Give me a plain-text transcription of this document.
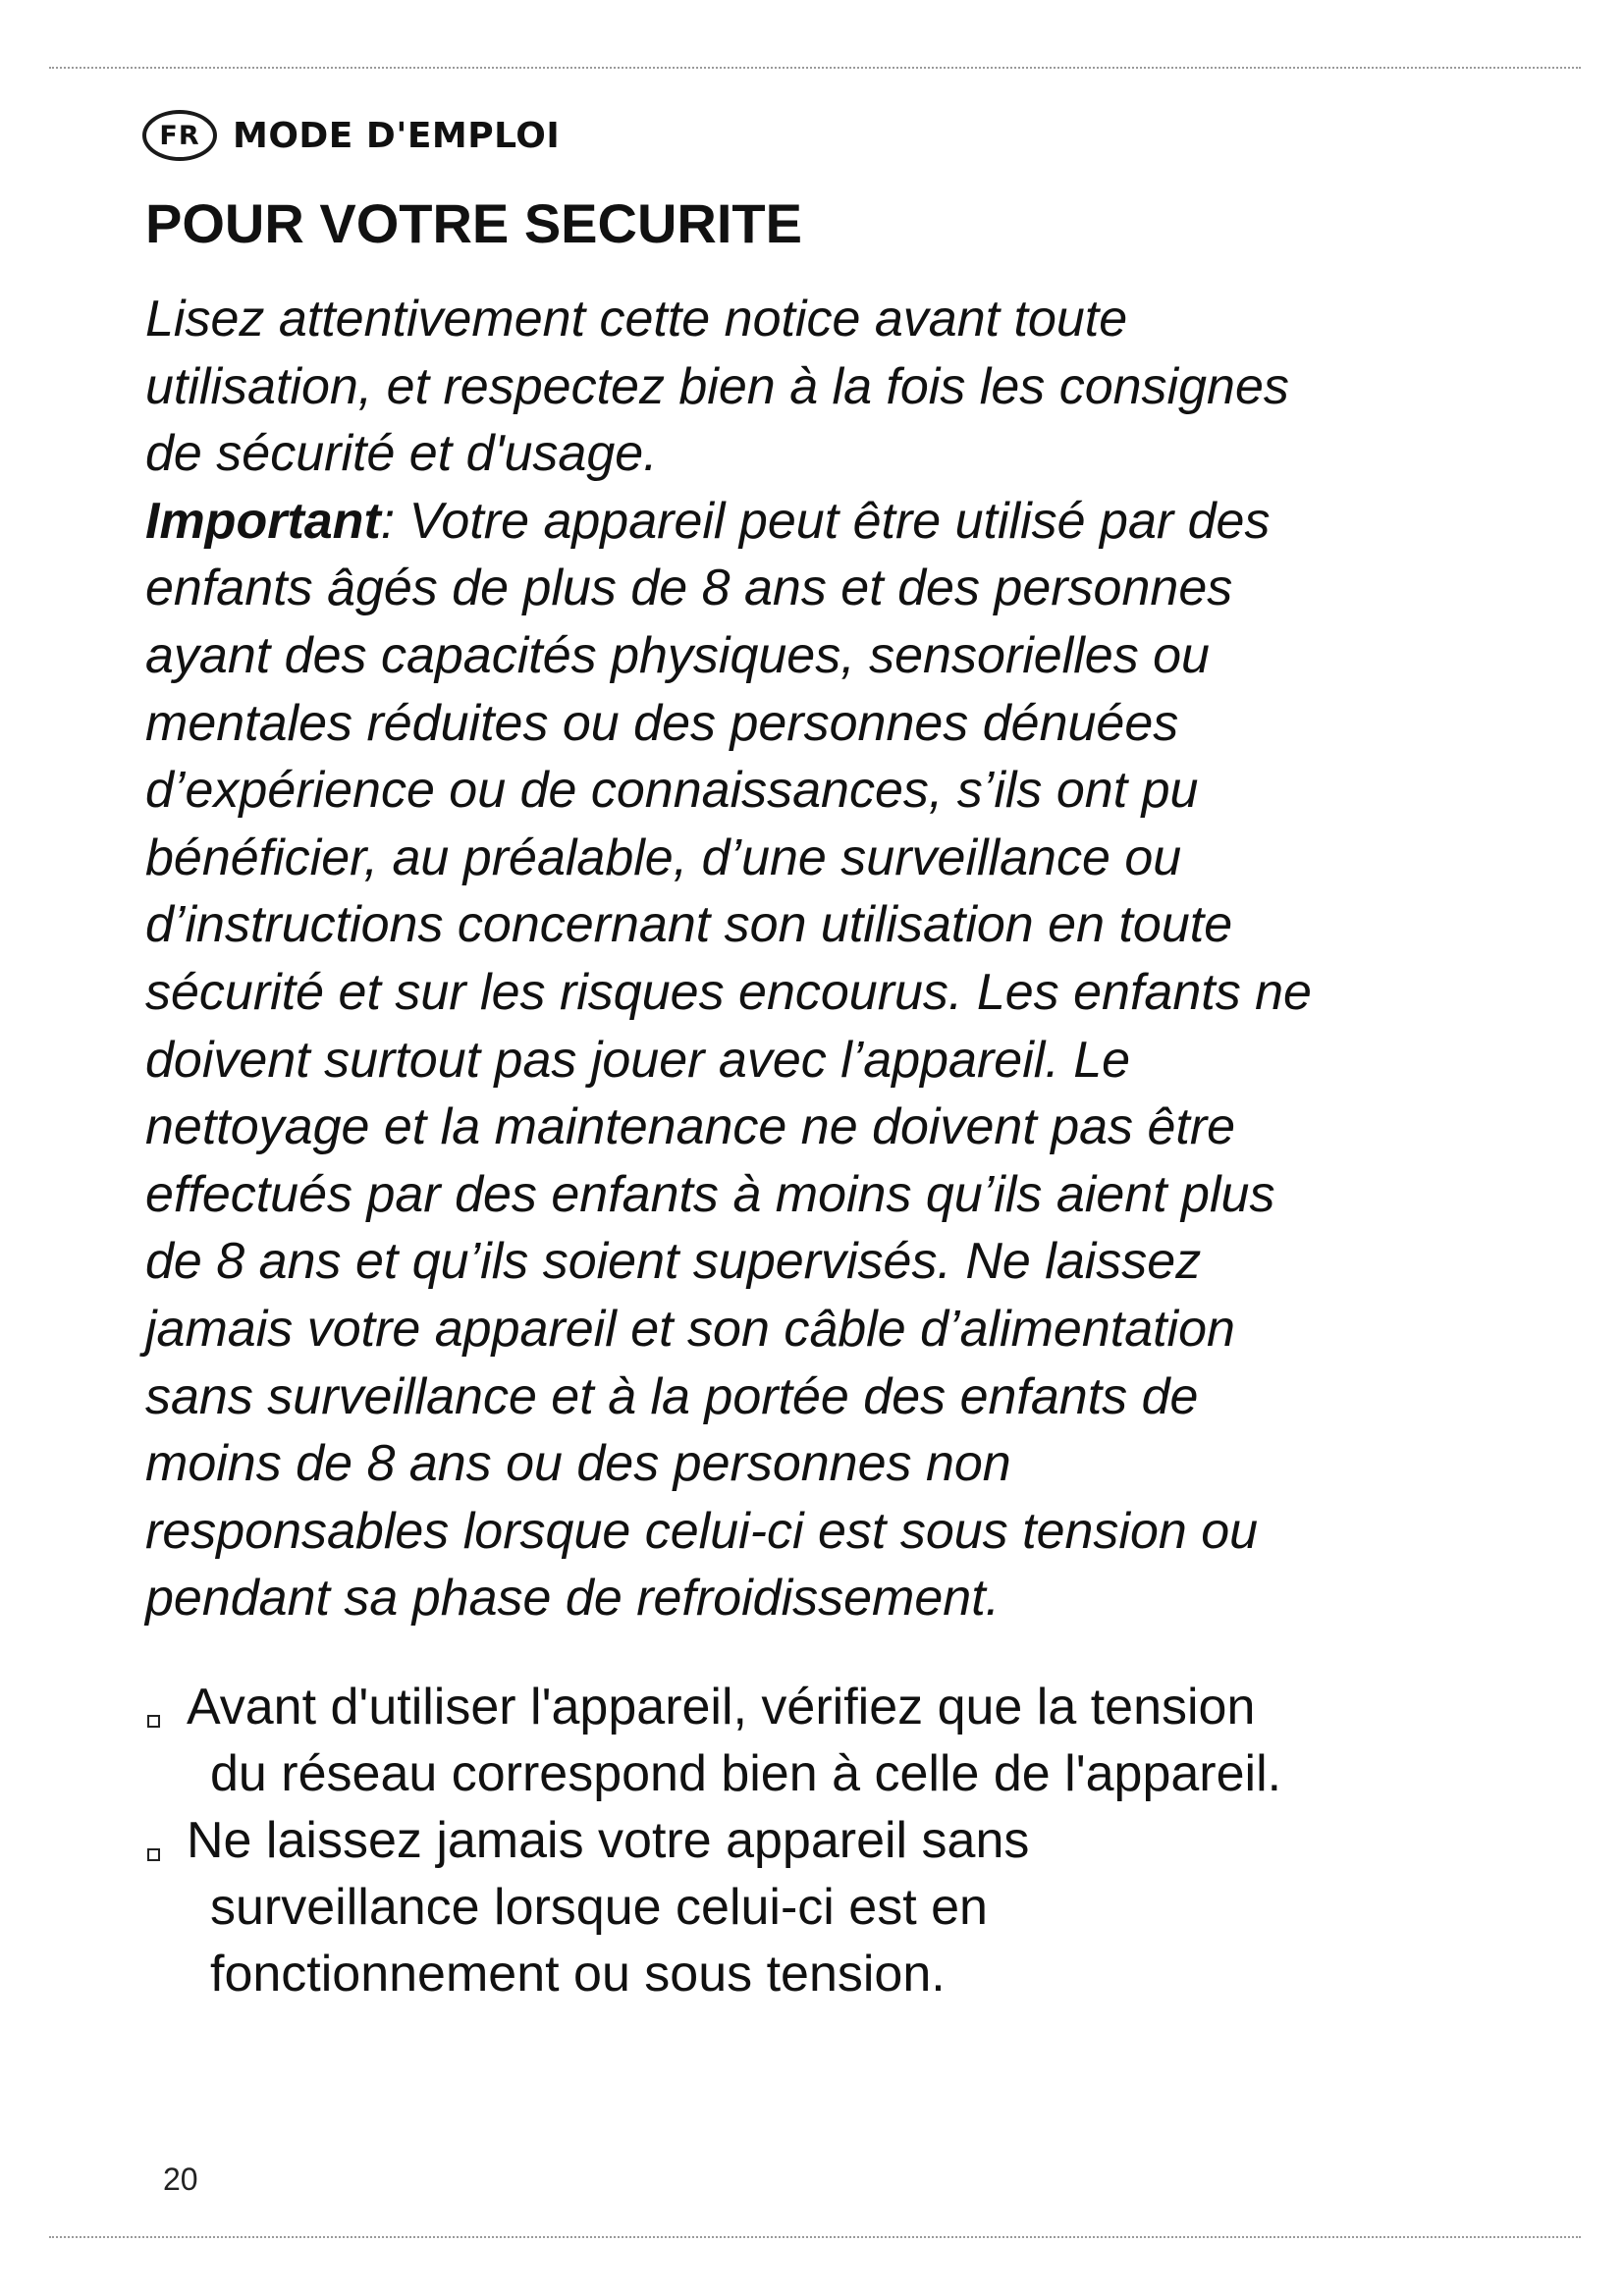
FR MODE D'EMPLOI
POUR VOTRE SECURITE

Lisez attentivement cette notice avant toute
utilisation, et respectez bien à la fois les consignes
de sécurité et d'usage.
Important: Votre appareil peut être utilisé par des
enfants âgés de plus de 8 ans et des personnes
ayant des capacités physiques, sensorielles ou
mentales réduites ou des personnes dénuées
d’expérience ou de connaissances, s’ils ont pu
bénéficier, au préalable, d’une surveillance ou
d’instructions concernant son utilisation en toute
sécurité et sur les risques encourus. Les enfants ne
doivent surtout pas jouer avec l’appareil. Le
nettoyage et la maintenance ne doivent pas être
effectués par des enfants à moins qu’ils aient plus
de 8 ans et qu’ils soient supervisés. Ne laissez
jamais votre appareil et son câble d’alimentation
sans surveillance et à la portée des enfants de
moins de 8 ans ou des personnes non
responsables lorsque celui-ci est sous tension ou
pendant sa phase de refroidissement.

Avant d'utiliser l'appareil, vérifiez que la tension
du réseau correspond bien à celle de l'appareil.
Ne laissez jamais votre appareil sans
surveillance lorsque celui-ci est en
fonctionnement ou sous tension.
20
